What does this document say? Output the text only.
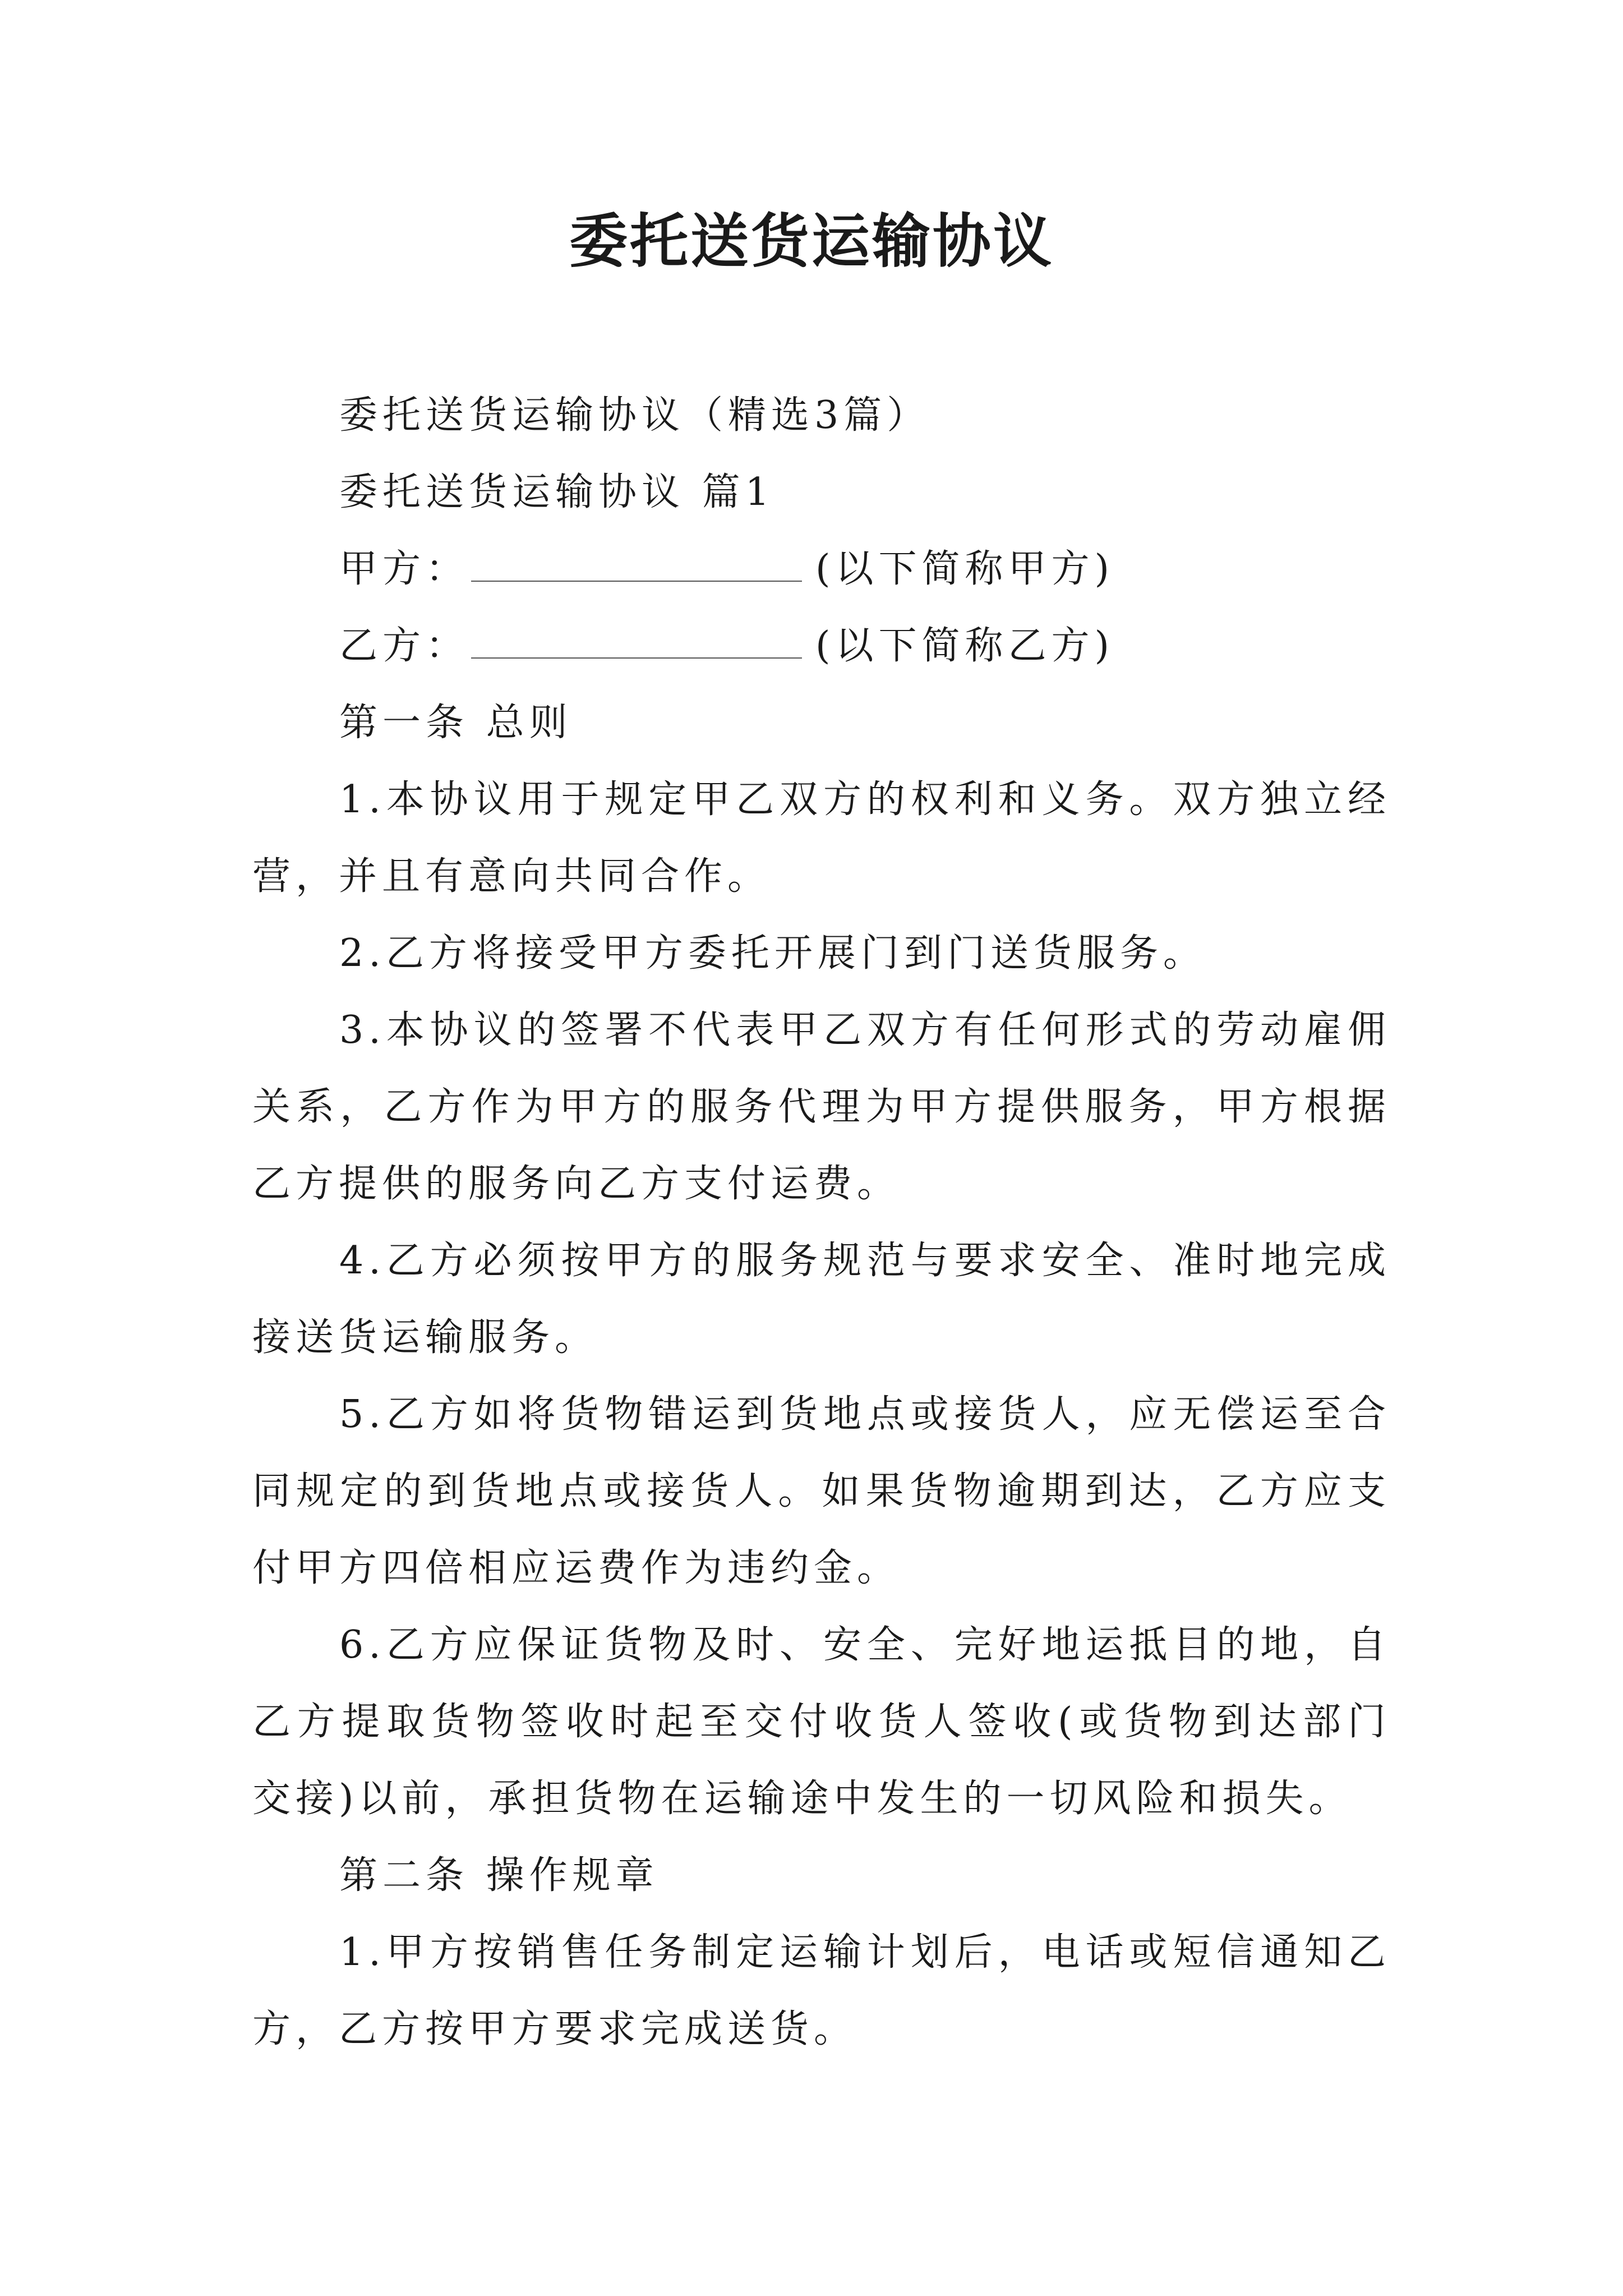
委托送货运输协议

委托送货运输协议（精选3篇）

委托送货运输协议 篇1

甲方：	(以下简称甲方)

乙方：	(以下简称乙方)

第一条 总则

1.本协议用于规定甲乙双方的权利和义务。双方独立经营，并且有意向共同合作。

2.乙方将接受甲方委托开展门到门送货服务。

3.本协议的签署不代表甲乙双方有任何形式的劳动雇佣关系，乙方作为甲方的服务代理为甲方提供服务，甲方根据乙方提供的服务向乙方支付运费。

4.乙方必须按甲方的服务规范与要求安全、准时地完成接送货运输服务。

5.乙方如将货物错运到货地点或接货人，应无偿运至合同规定的到货地点或接货人。如果货物逾期到达，乙方应支付甲方四倍相应运费作为违约金。

6.乙方应保证货物及时、安全、完好地运抵目的地，自乙方提取货物签收时起至交付收货人签收(或货物到达部门交接)以前，承担货物在运输途中发生的一切风险和损失。

第二条 操作规章

1.甲方按销售任务制定运输计划后，电话或短信通知乙方，乙方按甲方要求完成送货。
